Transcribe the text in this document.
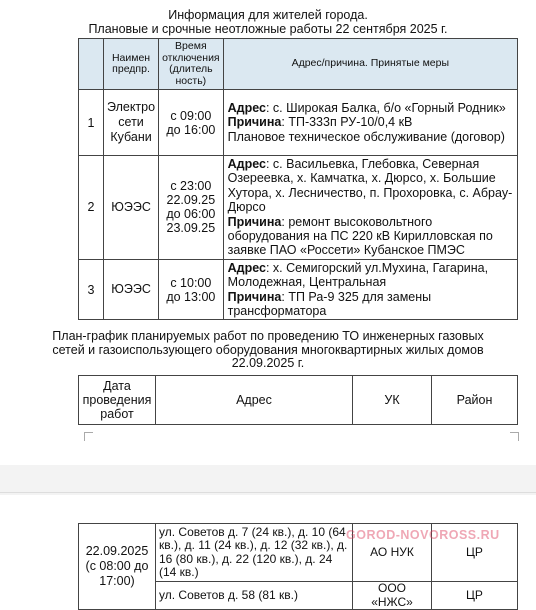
Информация для жителей города.
Плановые и срочные неотложные работы 22 сентября 2025 г.
	Наимен предпр.	Время отключения (длитель ность)	Адрес/причина. Принятые меры
1	Электро сети Кубани	с 09:00 до 16:00	Адрес: с. Широкая Балка, б/о «Горный Родник»
Причина: ТП-333п РУ-10/0,4 кВ
Плановое техническое обслуживание (договор)
2	ЮЭЭС	с 23:00 22.09.25 до 06:00 23.09.25	Адрес: с. Васильевка, Глебовка, Северная Озереевка, х. Камчатка, х. Дюрсо, х. Большие Хутора, х. Лесничество, п. Прохоровка, с. Абрау-Дюрсо
Причина: ремонт высоковольтного оборудования на ПС 220 кВ Кирилловская по заявке ПАО «Россети» Кубанское ПМЭС
3	ЮЭЭС	с 10:00 до 13:00	Адрес: х. Семигорский ул.Мухина, Гагарина, Молодежная, Центральная
Причина: ТП Ра-9 325 для замены трансформатора
План-график планируемых работ по проведению ТО инженерных газовых сетей и газоиспользующего оборудования многоквартирных жилых домов 22.09.2025 г.
Дата проведения работ	Адрес	УК	Район
22.09.2025 (с 08:00 до 17:00)	ул. Советов д. 7 (24 кв.), д. 10 (64 кв.), д. 11 (24 кв.), д. 12 (32 кв.), д. 16 (80 кв.), д. 22 (120 кв.), д. 24 (14 кв.)	АО НУК	ЦР
	ул. Советов д. 58 (81 кв.)	ООО «НЖС»	ЦР
GOROD-NOVOROSS.RU
